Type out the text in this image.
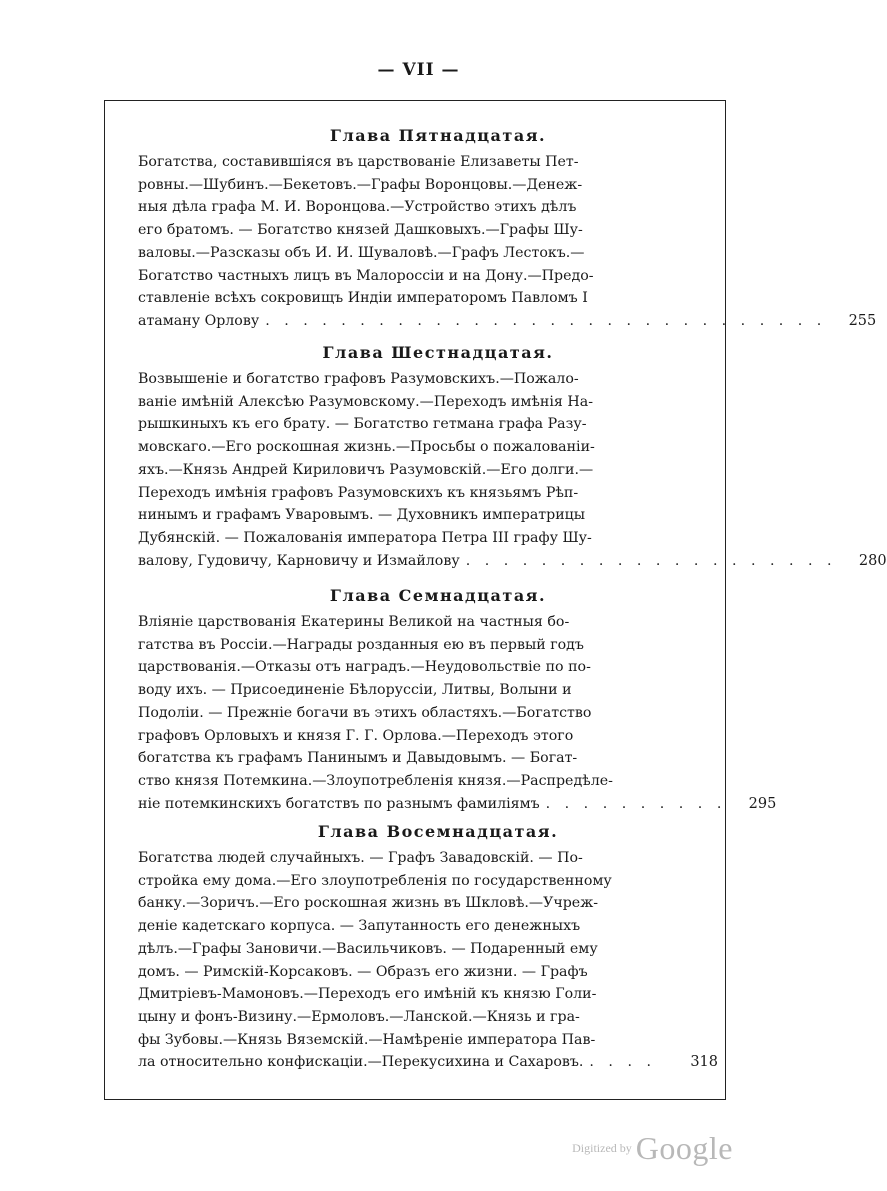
— VII —
Глава Пятнадцатая.
Богатства, составившіяся въ царствованіе Елизаветы Пет-
ровны.—Шубинъ.—Бекетовъ.—Графы Воронцовы.—Денеж-
ныя дѣла графа М. И. Воронцова.—Устройство этихъ дѣлъ
его братомъ. — Богатство князей Дашковыхъ.—Графы Шу-
валовы.—Разсказы объ И. И. Шуваловѣ.—Графъ Лестокъ.—
Богатство частныхъ лицъ въ Малороссіи и на Дону.—Предо-
ставленіе всѣхъ сокровищъ Индіи императоромъ Павломъ I
атаману Орлову . . . . . . . . . . . . . . . . . . . . . . . . . . . . . .	255
Глава Шестнадцатая.
Возвышеніе и богатство графовъ Разумовскихъ.—Пожало-
ваніе имѣній Алексѣю Разумовскому.—Переходъ имѣнія На-
рышкиныхъ къ его брату. — Богатство гетмана графа Разу-
мовскаго.—Его роскошная жизнь.—Просьбы о пожалованіи-
яхъ.—Князь Андрей Кириловичъ Разумовскій.—Его долги.—
Переходъ имѣнія графовъ Разумовскихъ къ князьямъ Рѣп-
нинымъ и графамъ Уваровымъ. — Духовникъ императрицы
Дубянскій. — Пожалованія императора Петра III графу Шу-
валову, Гудовичу, Карновичу и Измайлову . . . . . . . . . . . . . . . . . . . .	280
Глава Семнадцатая.
Вліяніе царствованія Екатерины Великой на частныя бо-
гатства въ Россіи.—Награды розданныя ею въ первый годъ
царствованія.—Отказы отъ наградъ.—Неудовольствіе по по-
воду ихъ. — Присоединеніе Бѣлоруссіи, Литвы, Волыни и
Подоліи. — Прежніе богачи въ этихъ областяхъ.—Богатство
графовъ Орловыхъ и князя Г. Г. Орлова.—Переходъ этого
богатства къ графамъ Панинымъ и Давыдовымъ. — Богат-
ство князя Потемкина.—Злоупотребленія князя.—Распредѣле-
ніе потемкинскихъ богатствъ по разнымъ фамиліямъ . . . . . . . . . .	295
Глава Восемнадцатая.
Богатства людей случайныхъ. — Графъ Завадовскій. — По-
стройка ему дома.—Его злоупотребленія по государственному
банку.—Зоричъ.—Его роскошная жизнь въ Шкловѣ.—Учреж-
деніе кадетскаго корпуса. — Запутанность его денежныхъ
дѣлъ.—Графы Зановичи.—Васильчиковъ. — Подаренный ему
домъ. — Римскій-Корсаковъ. — Образъ его жизни. — Графъ
Дмитріевъ-Мамоновъ.—Переходъ его имѣній къ князю Голи-
цыну и фонъ-Визину.—Ермоловъ.—Ланской.—Князь и гра-
фы Зубовы.—Князь Вяземскій.—Намѣреніе императора Пав-
ла относительно конфискаціи.—Перекусихина и Сахаровъ. . . . .	318
Digitized by Google
